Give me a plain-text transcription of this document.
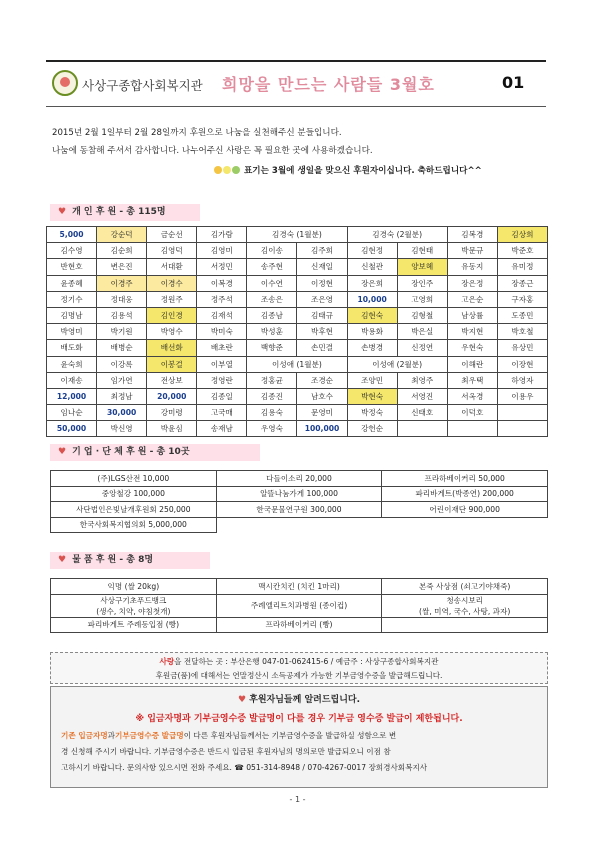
사상구종합사회복지관 희망을 만드는 사람들 3월호	01
2015년 2월 1일부터 2월 28일까지 후원으로 나눔을 실천해주신 분들입니다.
나눔에 동참해 주셔서 감사합니다. 나누어주신 사랑은 꼭 필요한 곳에 사용하겠습니다.
표기는 3월에 생일을 맞으신 후원자이십니다. 축하드립니다^^
♥ 개 인 후 원 - 총 115명
5,000	강순덕	금순선	김가람	김경숙 (1월분)		김경숙 (2월분)		김복경	김상희
김수영	김순희	김영덕	김영미	김이송	김주희	김현정	김현태	박문규	박준호
반현호	변은진	서대환	서정민	송주현	신재일	신철관	양보혜	유동지	유미정
윤종혜	이경주	이경수	이복경	이수연	이정현	장은희	장인주	장은정	장종근
정기수	정대웅	정원주	정주석	조송은	조은영	10,000	고영희	고은순	구자홍
김명남	김용석	김인경	김재석	김종남	김태규	김현숙	김형철	남상률	도종민
박영미	박기원	박영수	박미숙	박성훈	박후현	박용화	박은실	박지현	박호철
배도화	배병순	배선화	배초란	백향준	손민결	손병경	신정연	우현숙	유상민
윤숙희	이강록	이봉걸	이부열	이성애 (1월분)		이성애 (2월분)		이해란	이장현
이재송	임가연	전상보	정영란	정홍균	조경순	조양민	최영주	최우택	하영자
12,000	최정남	20,000	김종일	김종진	남호수	박현숙	서영진	서옥경	이용우
임나순	30,000	강미령	고국매	김용숙	문영미	박정숙	신태호	이덕호	
50,000	박신영	박윤심	송재남	우영숙	100,000	강헌순			
♥ 기 업 · 단 체 후 원 - 총 10곳
(주)LGS산전 10,000	다들이소리 20,000	프라하베이커리 50,000
중앙철강 100,000	알뜰나눔가게 100,000	파리바게트(박종연) 200,000
사단법인은빛날개후원회 250,000	한국문물연구원 300,000	어린이재단 900,000
한국사회복지협의회 5,000,000		
♥ 물 품 후 원 - 총 8명
익명 (쌀 20kg)	맥시칸치킨 (치킨 1마리)	본죽 사상점 (쇠고기야채죽)
사상구기초푸드뱅크
(생수, 치약, 야침첫개)	주례엘리트치과병원 (종이컵)	청송시보리
(쌀, 미역, 국수, 사탕, 과자)
파리바게트 주례동입점 (빵)	프라하베이커리 (빵)	
사랑을 전달하는 곳 : 부산은행 047-01-062415-6 / 예금주 : 사상구종합사회복지관
후원금(품)에 대해서는 연말정산시 소득공제가 가능한 기부금영수증을 발급해드립니다.
♥ 후원자님들께 알려드립니다.
※ 입금자명과 기부금영수증 발급명이 다를 경우 기부금 영수증 발급이 제한됩니다.
기존 입금자명과기부금영수증 발급명이 다른 후원자님들께서는 기부금영수증을 발급하실 성함으로 변
경 신청해 주시기 바랍니다. 기부금영수증은 반드시 입금된 후원자님의 명의로만 발급되오니 이점 참
고하시기 바랍니다. 문의사항 있으시면 전화 주세요. ☎ 051-314-8948 / 070-4267-0017 장희경사회복지사
- 1 -
